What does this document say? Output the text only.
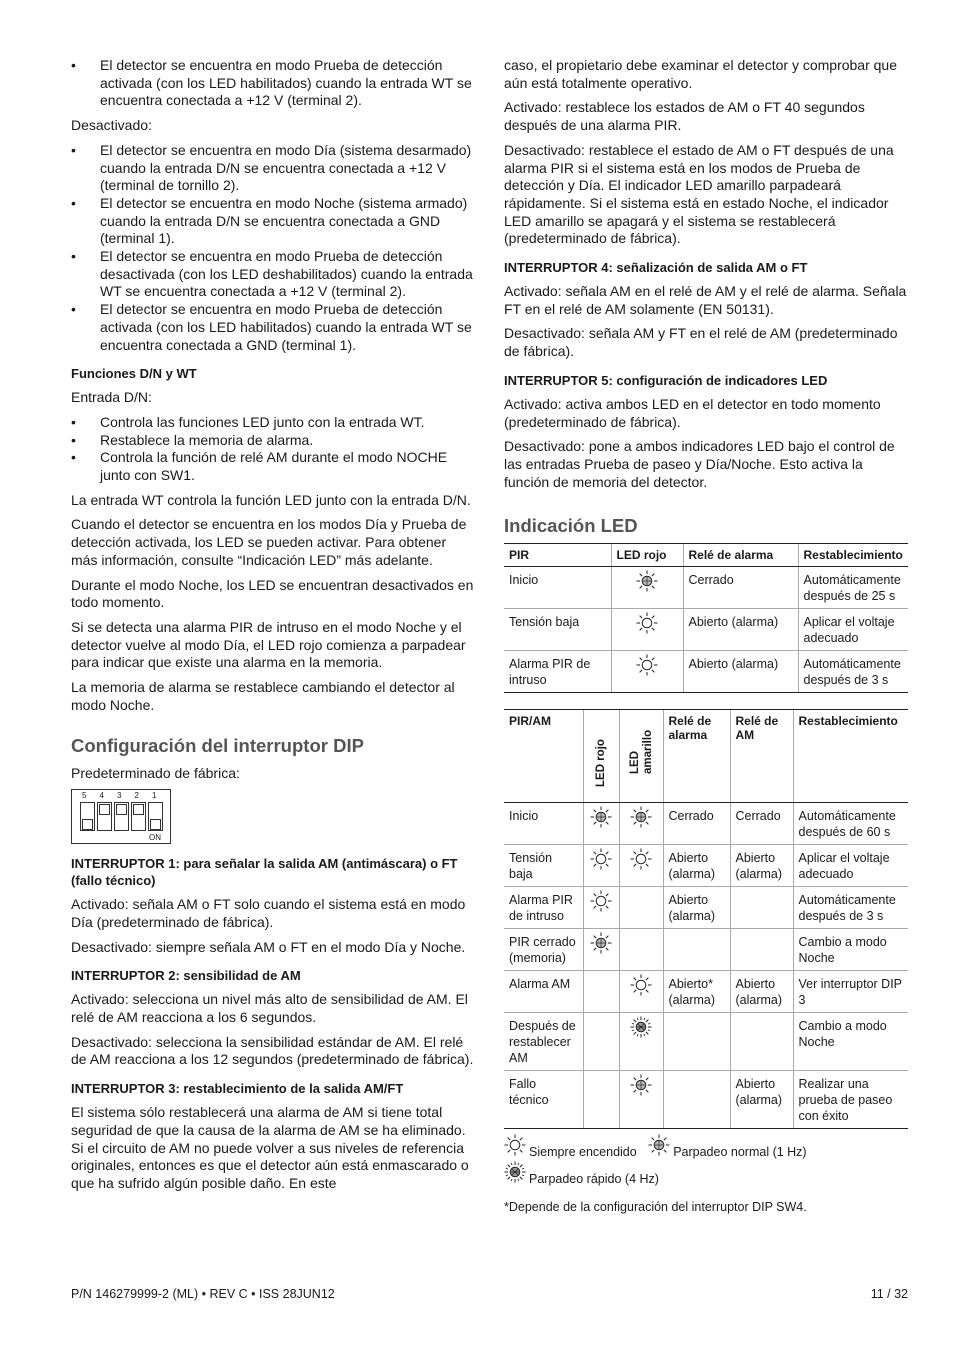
• El detector se encuentra en modo Prueba de detección activada (con los LED habilitados) cuando la entrada WT se encuentra conectada a +12 V (terminal 2).

Desactivado:

• El detector se encuentra en modo Día (sistema desarmado) cuando la entrada D/N se encuentra conectada a +12 V (terminal de tornillo 2).
• El detector se encuentra en modo Noche (sistema armado) cuando la entrada D/N se encuentra conectada a GND (terminal 1).
• El detector se encuentra en modo Prueba de detección desactivada (con los LED deshabilitados) cuando la entrada WT se encuentra conectada a +12 V (terminal 2).
• El detector se encuentra en modo Prueba de detección activada (con los LED habilitados) cuando la entrada WT se encuentra conectada a GND (terminal 1).
Funciones D/N y WT

Entrada D/N:

• Controla las funciones LED junto con la entrada WT.
• Restablece la memoria de alarma.
• Controla la función de relé AM durante el modo NOCHE junto con SW1.

La entrada WT controla la función LED junto con la entrada D/N.

Cuando el detector se encuentra en los modos Día y Prueba de detección activada, los LED se pueden activar. Para obtener más información, consulte “Indicación LED” más adelante.

Durante el modo Noche, los LED se encuentran desactivados en todo momento.

Si se detecta una alarma PIR de intruso en el modo Noche y el detector vuelve al modo Día, el LED rojo comienza a parpadear para indicar que existe una alarma en la memoria.

La memoria de alarma se restablece cambiando el detector al modo Noche.

Configuración del interruptor DIP

Predeterminado de fábrica:

5 4 3 2 1
ON
INTERRUPTOR 1: para señalar la salida AM (antimáscara) o FT (fallo técnico)

Activado: señala AM o FT solo cuando el sistema está en modo Día (predeterminado de fábrica).

Desactivado: siempre señala AM o FT en el modo Día y Noche.

INTERRUPTOR 2: sensibilidad de AM

Activado: selecciona un nivel más alto de sensibilidad de AM. El relé de AM reacciona a los 6 segundos.

Desactivado: selecciona la sensibilidad estándar de AM. El relé de AM reacciona a los 12 segundos (predeterminado de fábrica).

INTERRUPTOR 3: restablecimiento de la salida AM/FT

El sistema sólo restablecerá una alarma de AM si tiene total seguridad de que la causa de la alarma de AM se ha eliminado. Si el circuito de AM no puede volver a sus niveles de referencia originales, entonces es que el detector aún está enmascarado o que ha sufrido algún posible daño. En este

caso, el propietario debe examinar el detector y comprobar que aún está totalmente operativo.

Activado: restablece los estados de AM o FT 40 segundos después de una alarma PIR.

Desactivado: restablece el estado de AM o FT después de una alarma PIR si el sistema está en los modos de Prueba de detección y Día. El indicador LED amarillo parpadeará rápidamente. Si el sistema está en estado Noche, el indicador LED amarillo se apagará y el sistema se restablecerá (predeterminado de fábrica).

INTERRUPTOR 4: señalización de salida AM o FT

Activado: señala AM en el relé de AM y el relé de alarma. Señala FT en el relé de AM solamente (EN 50131).

Desactivado: señala AM y FT en el relé de AM (predeterminado de fábrica).

INTERRUPTOR 5: configuración de indicadores LED

Activado: activa ambos LED en el detector en todo momento (predeterminado de fábrica).

Desactivado: pone a ambos indicadores LED bajo el control de las entradas Prueba de paseo y Día/Noche. Esto activa la función de memoria del detector.

Indicación LED
PIR	LED rojo	Relé de alarma	Restablecimiento
Inicio		Cerrado	Automáticamente después de 25 s
Tensión baja		Abierto (alarma)	Aplicar el voltaje adecuado
Alarma PIR de intruso		Abierto (alarma)	Automáticamente después de 3 s
PIR/AM	LED rojo	LED amarillo	Relé de alarma	Relé de AM	Restablecimiento
Inicio			Cerrado	Cerrado	Automáticamente después de 60 s
Tensión baja			Abierto (alarma)	Abierto (alarma)	Aplicar el voltaje adecuado
Alarma PIR de intruso			Abierto (alarma)		Automáticamente después de 3 s
PIR cerrado (memoria)					Cambio a modo Noche
Alarma AM			Abierto* (alarma)	Abierto (alarma)	Ver interruptor DIP 3
Después de restablecer AM					Cambio a modo Noche
Fallo técnico				Abierto (alarma)	Realizar una prueba de paseo con éxito
Siempre encendido
	Parpadeo normal (1 Hz)
Parpadeo rápido (4 Hz)
*Depende de la configuración del interruptor DIP SW4.
P/N 146279999-2 (ML) • REV C • ISS 28JUN12	11 / 32
